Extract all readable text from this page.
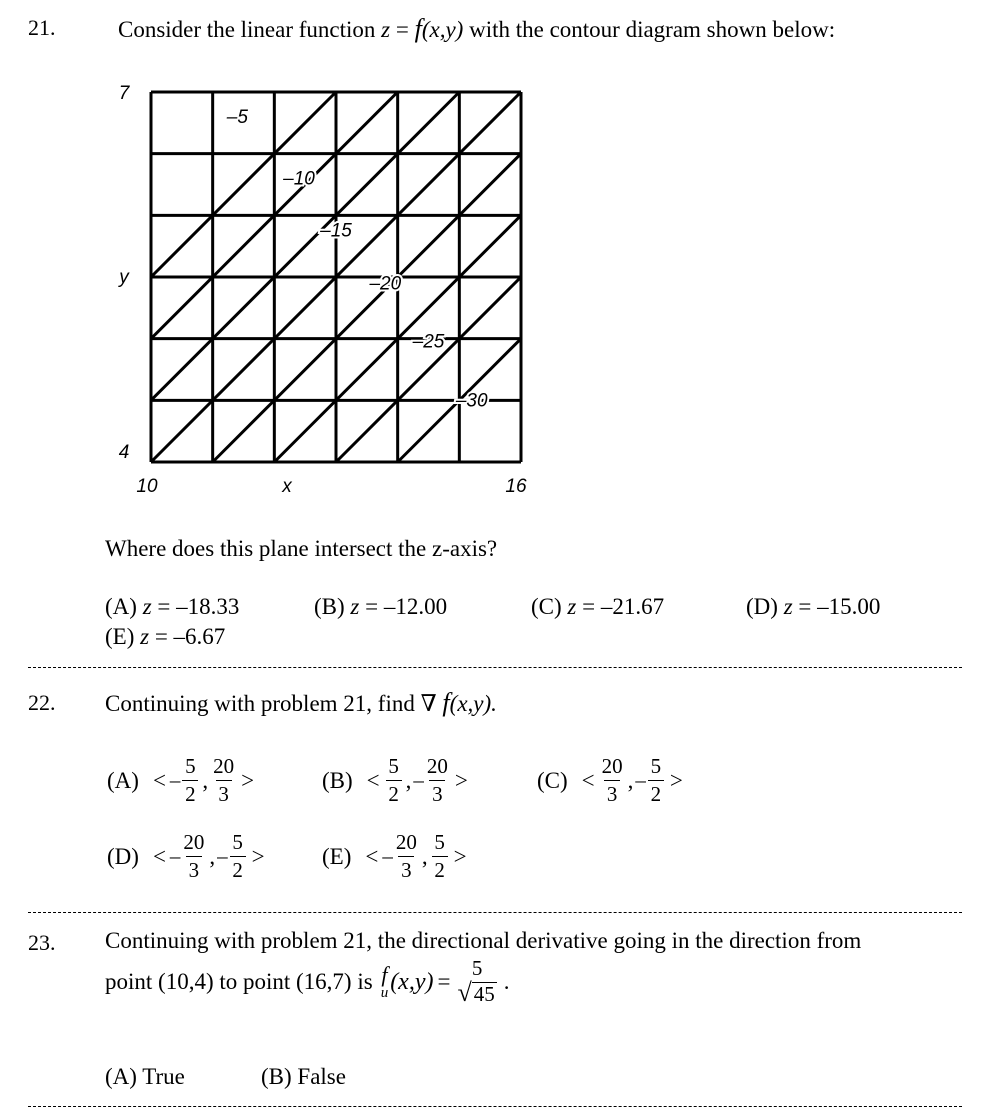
21.	Consider the linear function z = f(x,y) with the contour diagram shown below:
–5
–10
–15
–20
–25
–30
7
4
y
10	16
x
Where does this plane intersect the z-axis?
(A) z = –18.33	(B) z = –12.00	(C) z = –21.67	(D) z = –15.00
(E) z = –6.67
22. Continuing with problem 21, find ∇ f(x,y).
(A) < –
5
2
,
20
3
>	(B) <
5
2
, –
20
3
>	(C) <
20
3
, –
5
2
>
(D) < –
20
3
, –
5
2
> (E) < –
20
3
,
5
2
>
23. Continuing with problem 21, the directional derivative going in the direction from
point (10,4) to point (16,7) is f
u (x,y) =
5
√ 45 .
(A) True	(B) False
